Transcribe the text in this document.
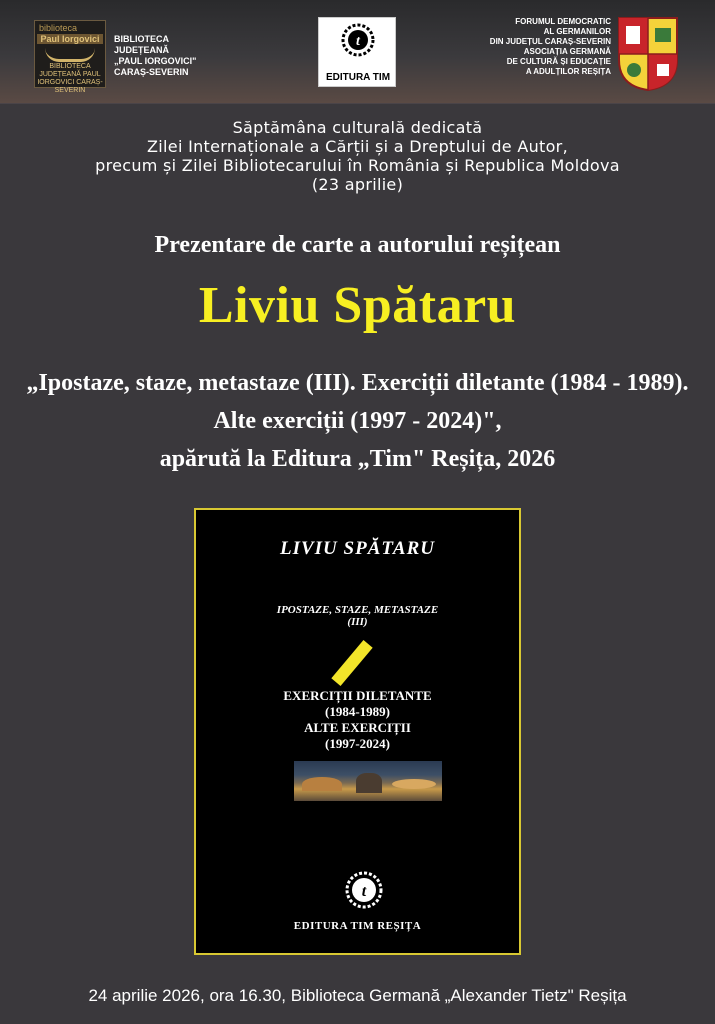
biblioteca
Paul Iorgovici
BIBLIOTECA JUDEȚEANĂ PAUL IORGOVICI CARAȘ-SEVERIN
BIBLIOTECA
JUDEȚEANĂ
„PAUL IORGOVICI"
CARAȘ-SEVERIN
t
EDITURA TIM
FORUMUL DEMOCRATIC
AL GERMANILOR
DIN JUDEȚUL CARAȘ-SEVERIN
ASOCIAȚIA GERMANĂ
DE CULTURĂ ȘI EDUCAȚIE
A ADULȚILOR REȘIȚA
Săptămâna culturală dedicată
Zilei Internaționale a Cărții și a Dreptului de Autor,
precum și Zilei Bibliotecarului în România și Republica Moldova
(23 aprilie)
Prezentare de carte a autorului reșițean
Liviu Spătaru
„Ipostaze, staze, metastaze (III). Exerciții diletante (1984 - 1989).
Alte exerciții (1997 - 2024)",
apărută la Editura „Tim" Reșița, 2026
LIVIU SPĂTARU
IPOSTAZE, STAZE, METASTAZE
(III)
EXERCIȚII DILETANTE
(1984-1989)
ALTE EXERCIȚII
(1997-2024)
t
EDITURA TIM REȘIȚA
24 aprilie 2026, ora 16.30, Biblioteca Germană „Alexander Tietz" Reșița
